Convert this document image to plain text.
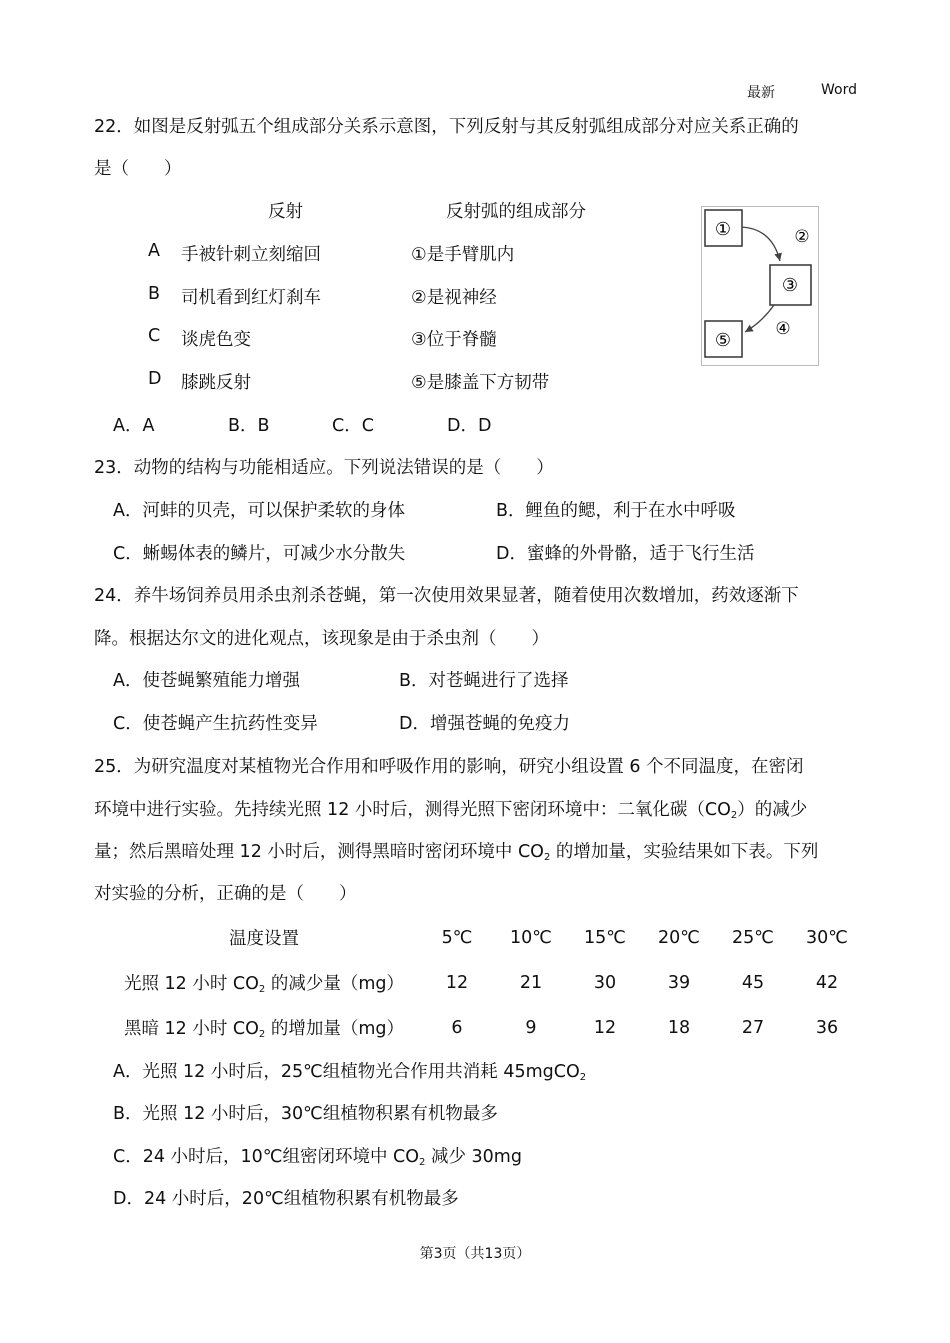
最新	Word
22．如图是反射弧五个组成部分关系示意图，下列反射与其反射弧组成部分对应关系正确的
是（　　）
反射	反射弧的组成部分
A 手被针刺立刻缩回	①是手臂肌内
B 司机看到红灯刹车	②是视神经
C 谈虎色变	③位于脊髓
D 膝跳反射	⑤是膝盖下方韧带
A．A	B．B	C．C	D．D
①	②
③
④
⑤
23．动物的结构与功能相适应。下列说法错误的是（　　）
A．河蚌的贝壳，可以保护柔软的身体	B．鲤鱼的鳃，利于在水中呼吸
C．蜥蜴体表的鳞片，可减少水分散失	D．蜜蜂的外骨骼，适于飞行生活
24．养牛场饲养员用杀虫剂杀苍蝇，第一次使用效果显著，随着使用次数增加，药效逐渐下
降。根据达尔文的进化观点，该现象是由于杀虫剂（　　）
A．使苍蝇繁殖能力增强	B．对苍蝇进行了选择
C．使苍蝇产生抗药性变异	D．增强苍蝇的免疫力
25．为研究温度对某植物光合作用和呼吸作用的影响，研究小组设置 6 个不同温度，在密闭
环境中进行实验。先持续光照 12 小时后，测得光照下密闭环境中：二氧化碳$(CO_2)$的减少
量；然后黑暗处理 12 小时后，测得黑暗时密闭环境中 $CO_2$ 的增加量，实验结果如下表。下列
对实验的分析，正确的是（　　）
温度设置	5℃	10℃	15℃	20℃	25℃	30℃
光照 12 小时 $CO_2$ 的减少量（mg）	12	21	30	39	45	42
黑暗 12 小时 $CO_2$ 的增加量（mg）	6	9	12	18	27	36
A．光照 12 小时后，25℃组植物光合作用共消耗 45mgCO$_2$
B．光照 12 小时后，30℃组植物积累有机物最多
C．24 小时后，10℃组密闭环境中 $CO_2$ 减少 30mg
D．24 小时后，20℃组植物积累有机物最多
第3页（共13页）
